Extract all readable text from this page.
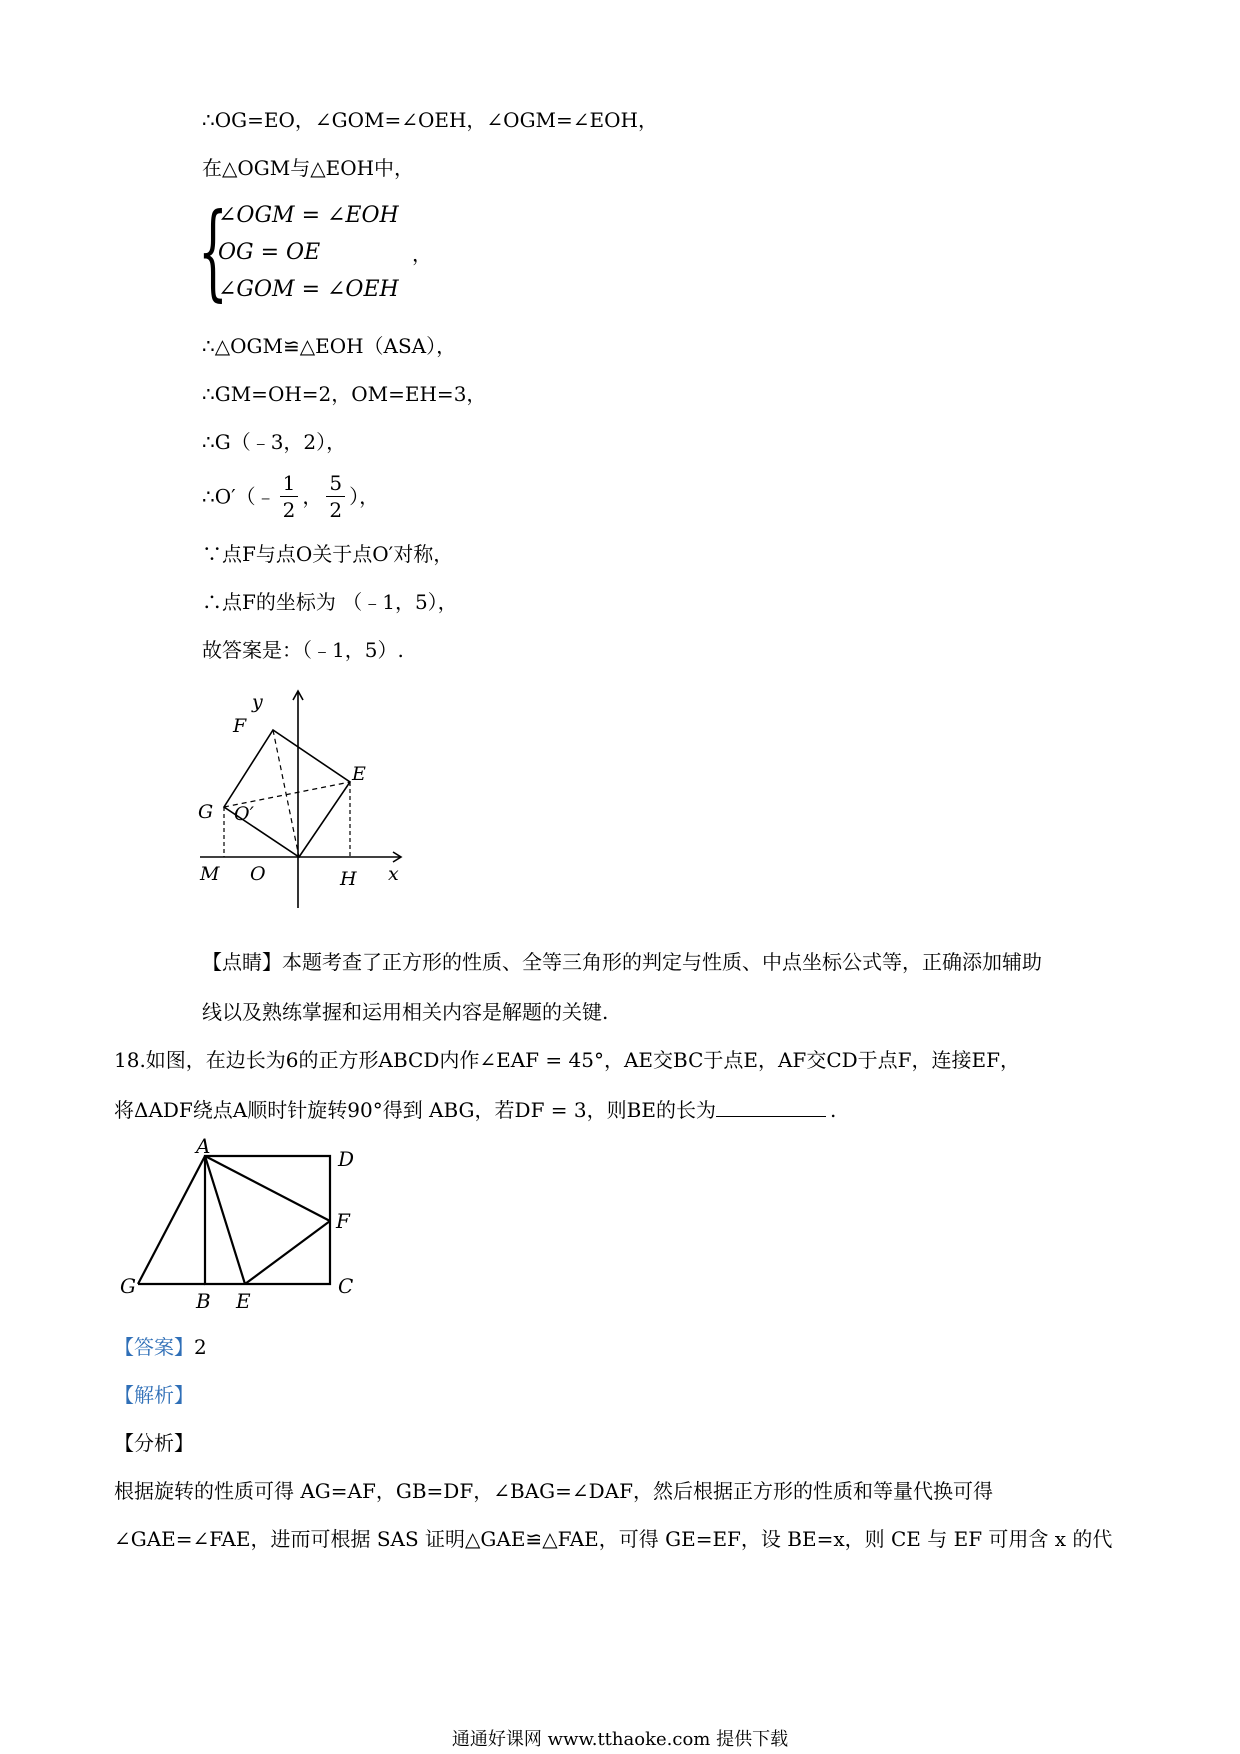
∴OG=EO，∠GOM=∠OEH，∠OGM=∠EOH，
在△OGM与△EOH中，
{
∠OGM = ∠EOH
OG = OE
∠GOM = ∠OEH
，
∴△OGM≌△EOH（ASA），
∴GM=OH=2，OM=EH=3，
∴G（﹣3，2），
∴O′（﹣ $\frac{1}{2}$ ， $\frac{5}{2}$ ），
∵点F与点O关于点O′对称，
∴点F的坐标为 （﹣1，5），
故答案是：（﹣1，5）.
y
F
E
G O′
M O	H x
【点睛】本题考查了正方形的性质、全等三角形的判定与性质、中点坐标公式等，正确添加辅助
线以及熟练掌握和运用相关内容是解题的关键.
18.如图，在边长为6的正方形ABCD内作∠EAF = 45°，AE交BC于点E，AF交CD于点F，连接EF，
将ΔADF绕点A顺时针旋转90°得到 ABG，若DF = 3，则BE的长为	.
A
D
F
G
B E
C
【答案】2
【解析】
【分析】
根据旋转的性质可得 AG=AF，GB=DF，∠BAG=∠DAF，然后根据正方形的性质和等量代换可得
∠GAE=∠FAE，进而可根据 SAS 证明△GAE≌△FAE，可得 GE=EF，设 BE=x，则 CE 与 EF 可用含 x 的代
通通好课网 www.tthaoke.com 提供下载
